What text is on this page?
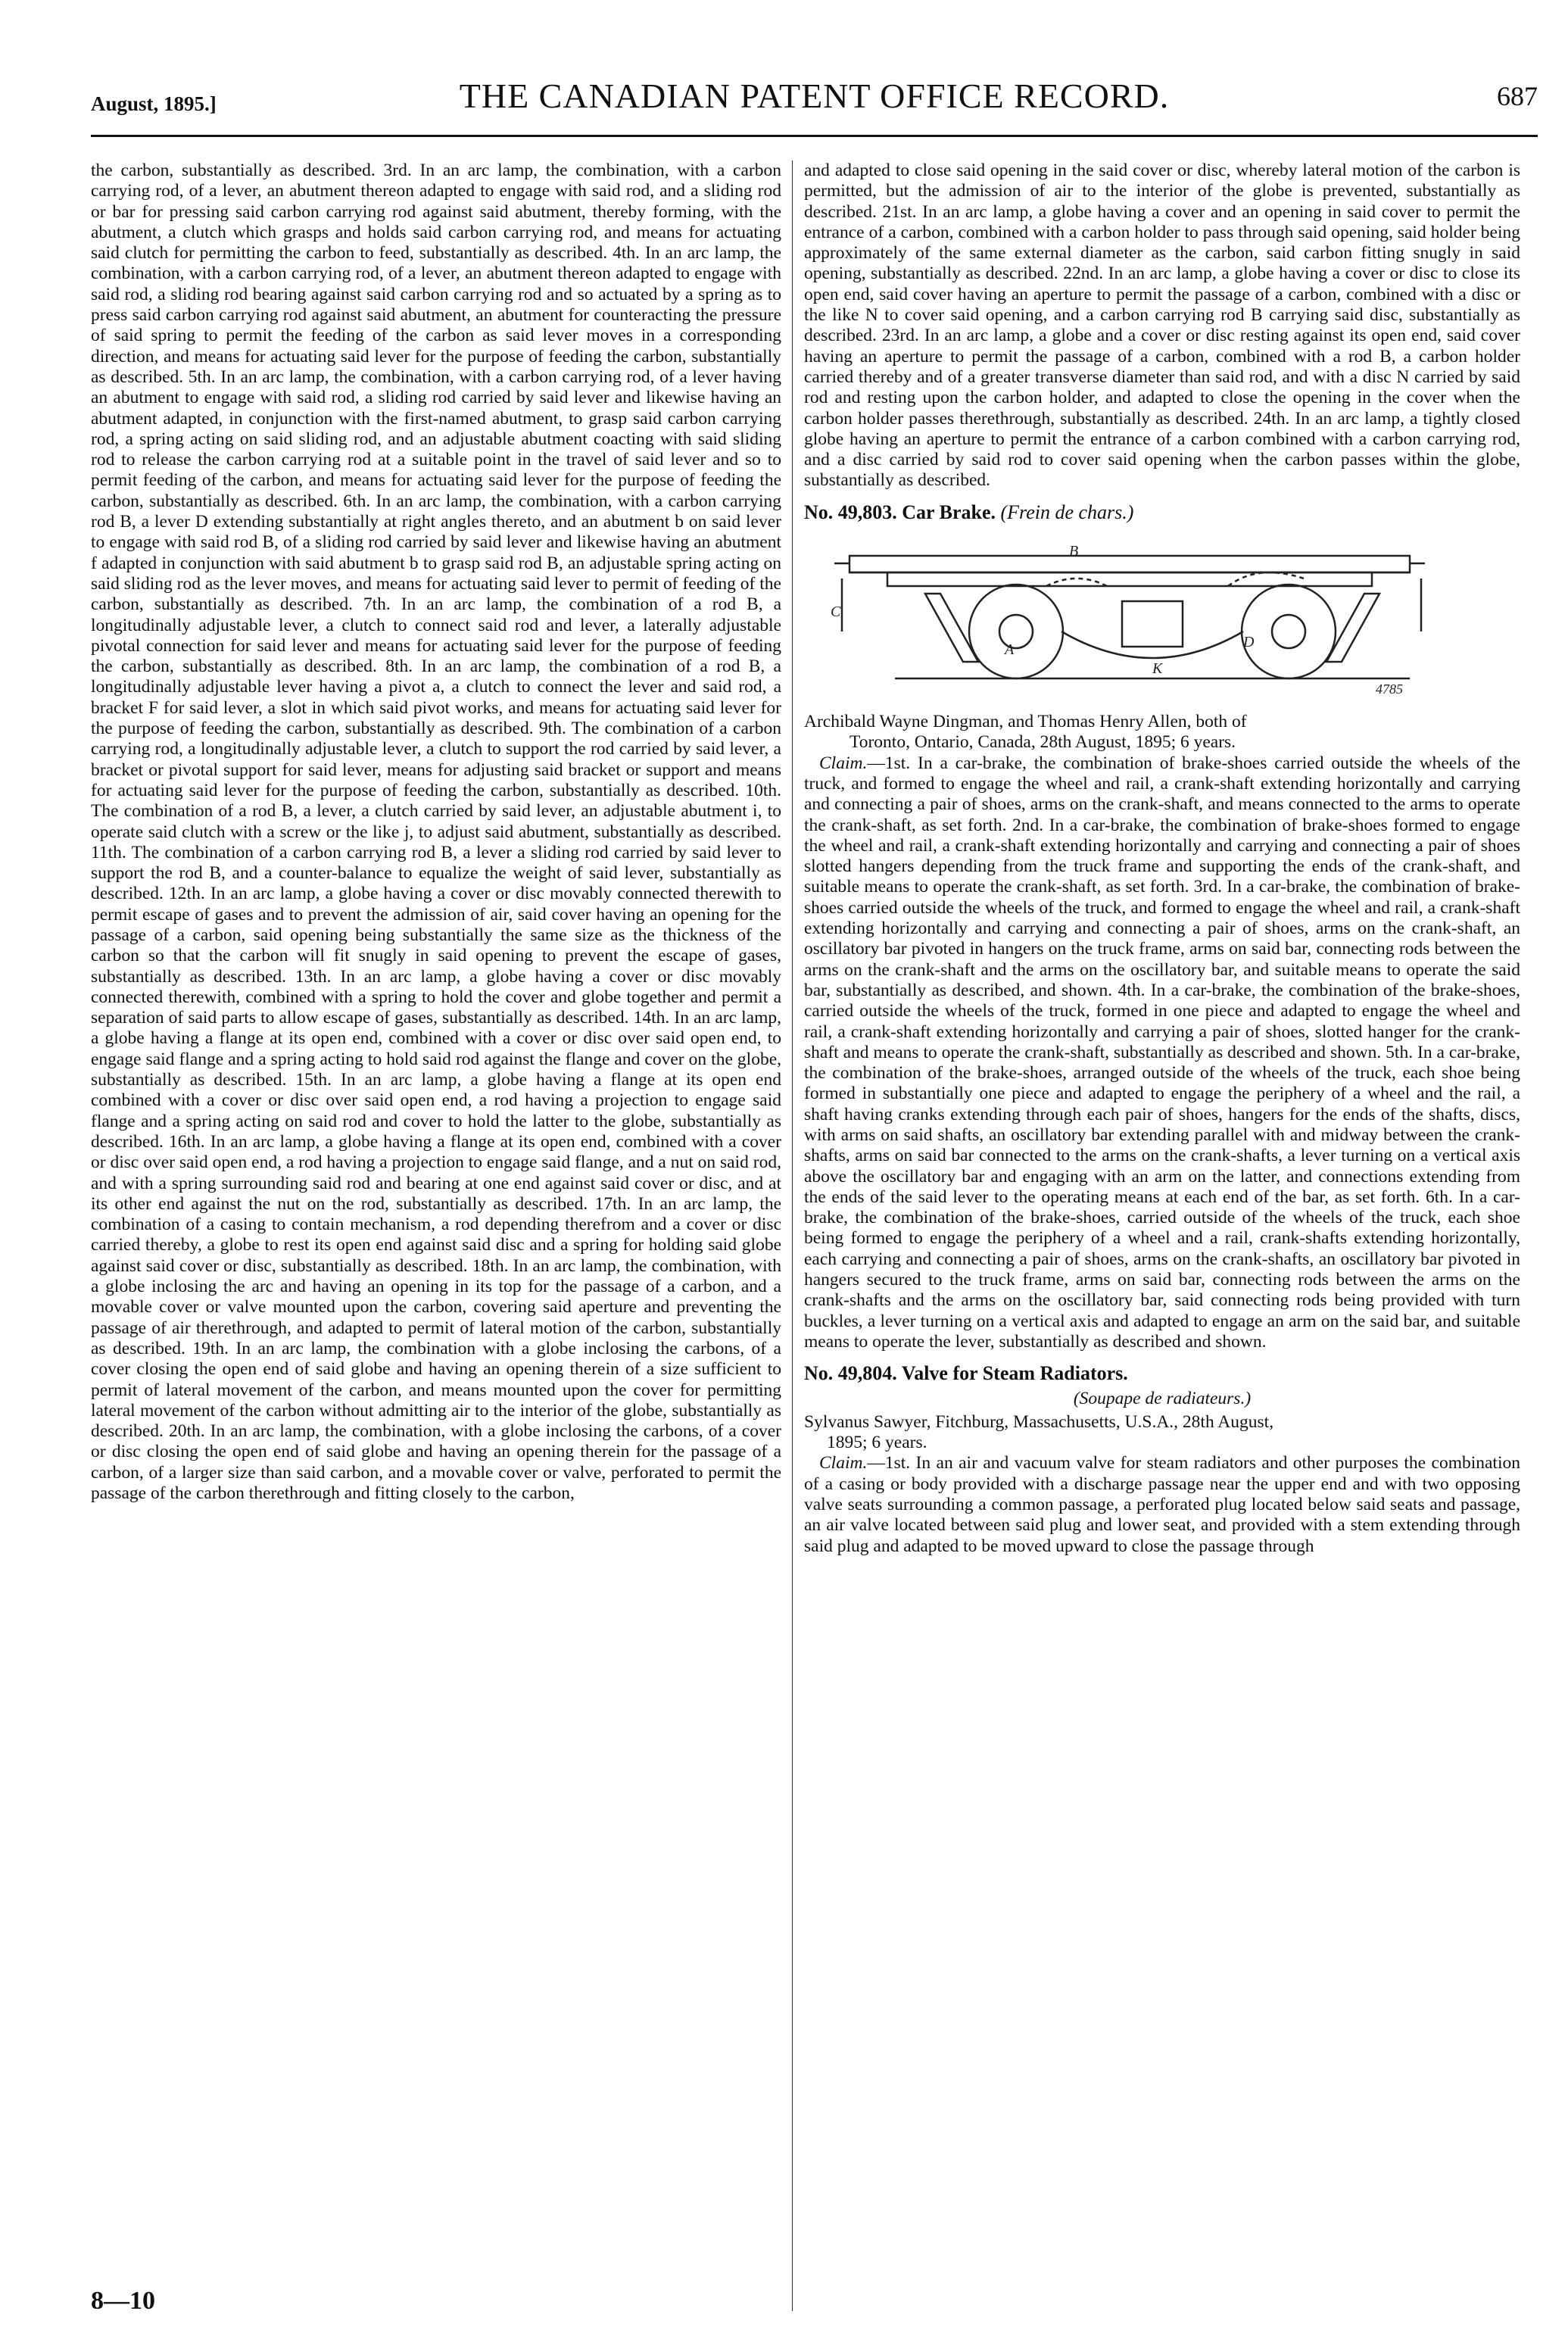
August, 1895.]	THE CANADIAN PATENT OFFICE RECORD.	687

the carbon, substantially as described. 3rd. In an arc lamp, the combination, with a carbon carrying rod, of a lever, an abutment thereon adapted to engage with said rod, and a sliding rod or bar for pressing said carbon carrying rod against said abutment, thereby forming, with the abutment, a clutch which grasps and holds said carbon carrying rod, and means for actuating said clutch for permitting the carbon to feed, substantially as described. 4th. In an arc lamp, the combination, with a carbon carrying rod, of a lever, an abutment thereon adapted to engage with said rod, a sliding rod bearing against said carbon carrying rod and so actuated by a spring as to press said carbon carrying rod against said abutment, an abutment for counteracting the pressure of said spring to permit the feeding of the carbon as said lever moves in a corresponding direction, and means for actuating said lever for the purpose of feeding the carbon, substantially as described. 5th. In an arc lamp, the combination, with a carbon carrying rod, of a lever having an abutment to engage with said rod, a sliding rod carried by said lever and likewise having an abutment adapted, in conjunction with the first-named abutment, to grasp said carbon carrying rod, a spring acting on said sliding rod, and an adjustable abutment coacting with said sliding rod to release the carbon carrying rod at a suitable point in the travel of said lever and so to permit feeding of the carbon, and means for actuating said lever for the purpose of feeding the carbon, substantially as described. 6th. In an arc lamp, the combination, with a carbon carrying rod B, a lever D extending substantially at right angles thereto, and an abutment b on said lever to engage with said rod B, of a sliding rod carried by said lever and likewise having an abutment f adapted in conjunction with said abutment b to grasp said rod B, an adjustable spring acting on said sliding rod as the lever moves, and means for actuating said lever to permit of feeding of the carbon, substantially as described. 7th. In an arc lamp, the combination of a rod B, a longitudinally adjustable lever, a clutch to connect said rod and lever, a laterally adjustable pivotal connection for said lever and means for actuating said lever for the purpose of feeding the carbon, substantially as described. 8th. In an arc lamp, the combination of a rod B, a longitudinally adjustable lever having a pivot a, a clutch to connect the lever and said rod, a bracket F for said lever, a slot in which said pivot works, and means for actuating said lever for the purpose of feeding the carbon, substantially as described. 9th. The combination of a carbon carrying rod, a longitudinally adjustable lever, a clutch to support the rod carried by said lever, a bracket or pivotal support for said lever, means for adjusting said bracket or support and means for actuating said lever for the purpose of feeding the carbon, substantially as described. 10th. The combination of a rod B, a lever, a clutch carried by said lever, an adjustable abutment i, to operate said clutch with a screw or the like j, to adjust said abutment, substantially as described. 11th. The combination of a carbon carrying rod B, a lever a sliding rod carried by said lever to support the rod B, and a counter-balance to equalize the weight of said lever, substantially as described. 12th. In an arc lamp, a globe having a cover or disc movably connected therewith to permit escape of gases and to prevent the admission of air, said cover having an opening for the passage of a carbon, said opening being substantially the same size as the thickness of the carbon so that the carbon will fit snugly in said opening to prevent the escape of gases, substantially as described. 13th. In an arc lamp, a globe having a cover or disc movably connected therewith, combined with a spring to hold the cover and globe together and permit a separation of said parts to allow escape of gases, substantially as described. 14th. In an arc lamp, a globe having a flange at its open end, combined with a cover or disc over said open end, to engage said flange and a spring acting to hold said rod against the flange and cover on the globe, substantially as described. 15th. In an arc lamp, a globe having a flange at its open end combined with a cover or disc over said open end, a rod having a projection to engage said flange and a spring acting on said rod and cover to hold the latter to the globe, substantially as described. 16th. In an arc lamp, a globe having a flange at its open end, combined with a cover or disc over said open end, a rod having a projection to engage said flange, and a nut on said rod, and with a spring surrounding said rod and bearing at one end against said cover or disc, and at its other end against the nut on the rod, substantially as described. 17th. In an arc lamp, the combination of a casing to contain mechanism, a rod depending therefrom and a cover or disc carried thereby, a globe to rest its open end against said disc and a spring for holding said globe against said cover or disc, substantially as described. 18th. In an arc lamp, the combination, with a globe inclosing the arc and having an opening in its top for the passage of a carbon, and a movable cover or valve mounted upon the carbon, covering said aperture and preventing the passage of air therethrough, and adapted to permit of lateral motion of the carbon, substantially as described. 19th. In an arc lamp, the combination with a globe inclosing the carbons, of a cover closing the open end of said globe and having an opening therein of a size sufficient to permit of lateral movement of the carbon, and means mounted upon the cover for permitting lateral movement of the carbon without admitting air to the interior of the globe, substantially as described. 20th. In an arc lamp, the combination, with a globe inclosing the carbons, of a cover or disc closing the open end of said globe and having an opening therein for the passage of a carbon, of a larger size than said carbon, and a movable cover or valve, perforated to permit the passage of the carbon therethrough and fitting closely to the carbon,

and adapted to close said opening in the said cover or disc, whereby lateral motion of the carbon is permitted, but the admission of air to the interior of the globe is prevented, substantially as described. 21st. In an arc lamp, a globe having a cover and an opening in said cover to permit the entrance of a carbon, combined with a carbon holder to pass through said opening, said holder being approximately of the same external diameter as the carbon, said carbon fitting snugly in said opening, substantially as described. 22nd. In an arc lamp, a globe having a cover or disc to close its open end, said cover having an aperture to permit the passage of a carbon, combined with a disc or the like N to cover said opening, and a carbon carrying rod B carrying said disc, substantially as described. 23rd. In an arc lamp, a globe and a cover or disc resting against its open end, said cover having an aperture to permit the passage of a carbon, combined with a rod B, a carbon holder carried thereby and of a greater transverse diameter than said rod, and with a disc N carried by said rod and resting upon the carbon holder, and adapted to close the opening in the cover when the carbon holder passes therethrough, substantially as described. 24th. In an arc lamp, a tightly closed globe having an aperture to permit the entrance of a carbon combined with a carbon carrying rod, and a disc carried by said rod to cover said opening when the carbon passes within the globe, substantially as described.

No. 49,803. Car Brake. (Frein de chars.)
A
B
C
K
D
4785

Archibald Wayne Dingman, and Thomas Henry Allen, both of
Toronto, Ontario, Canada, 28th August, 1895; 6 years.

Claim.—1st. In a car-brake, the combination of brake-shoes carried outside the wheels of the truck, and formed to engage the wheel and rail, a crank-shaft extending horizontally and carrying and connecting a pair of shoes, arms on the crank-shaft, and means connected to the arms to operate the crank-shaft, as set forth. 2nd. In a car-brake, the combination of brake-shoes formed to engage the wheel and rail, a crank-shaft extending horizontally and carrying and connecting a pair of shoes slotted hangers depending from the truck frame and supporting the ends of the crank-shaft, and suitable means to operate the crank-shaft, as set forth. 3rd. In a car-brake, the combination of brake-shoes carried outside the wheels of the truck, and formed to engage the wheel and rail, a crank-shaft extending horizontally and carrying and connecting a pair of shoes, arms on the crank-shaft, an oscillatory bar pivoted in hangers on the truck frame, arms on said bar, connecting rods between the arms on the crank-shaft and the arms on the oscillatory bar, and suitable means to operate the said bar, substantially as described, and shown. 4th. In a car-brake, the combination of the brake-shoes, carried outside the wheels of the truck, formed in one piece and adapted to engage the wheel and rail, a crank-shaft extending horizontally and carrying a pair of shoes, slotted hanger for the crank-shaft and means to operate the crank-shaft, substantially as described and shown. 5th. In a car-brake, the combination of the brake-shoes, arranged outside of the wheels of the truck, each shoe being formed in substantially one piece and adapted to engage the periphery of a wheel and the rail, a shaft having cranks extending through each pair of shoes, hangers for the ends of the shafts, discs, with arms on said shafts, an oscillatory bar extending parallel with and midway between the crank-shafts, arms on said bar connected to the arms on the crank-shafts, a lever turning on a vertical axis above the oscillatory bar and engaging with an arm on the latter, and connections extending from the ends of the said lever to the operating means at each end of the bar, as set forth. 6th. In a car-brake, the combination of the brake-shoes, carried outside of the wheels of the truck, each shoe being formed to engage the periphery of a wheel and a rail, crank-shafts extending horizontally, each carrying and connecting a pair of shoes, arms on the crank-shafts, an oscillatory bar pivoted in hangers secured to the truck frame, arms on said bar, connecting rods between the arms on the crank-shafts and the arms on the oscillatory bar, said connecting rods being provided with turn buckles, a lever turning on a vertical axis and adapted to engage an arm on the said bar, and suitable means to operate the lever, substantially as described and shown.

No. 49,804. Valve for Steam Radiators.

(Soupape de radiateurs.)

Sylvanus Sawyer, Fitchburg, Massachusetts, U.S.A., 28th August,
1895; 6 years.

Claim.—1st. In an air and vacuum valve for steam radiators and other purposes the combination of a casing or body provided with a discharge passage near the upper end and with two opposing valve seats surrounding a common passage, a perforated plug located below said seats and passage, an air valve located between said plug and lower seat, and provided with a stem extending through said plug and adapted to be moved upward to close the passage through

8—10
